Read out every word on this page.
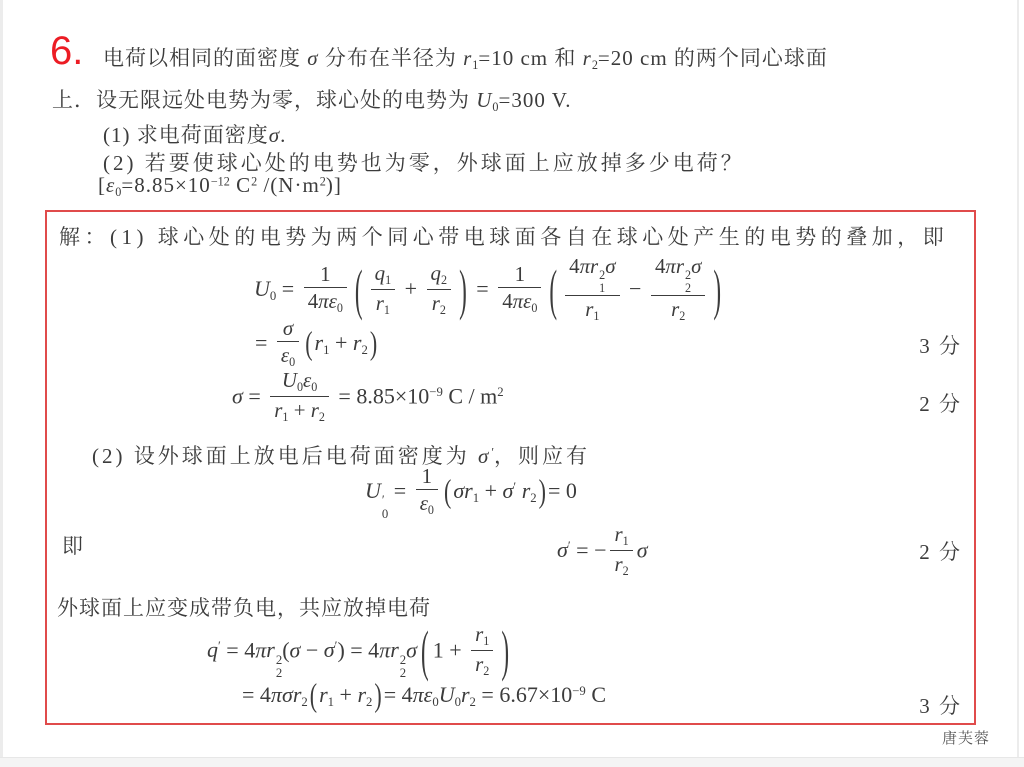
6. 电荷以相同的面密度 σ 分布在半径为 $r_1=10$ cm 和 $r_2=20$ cm 的两个同心球面
上．设无限远处电势为零，球心处的电势为 $U_0=300$ V.
(1) 求电荷面密度σ.
(2) 若要使球心处的电势也为零，外球面上应放掉多少电荷？
[$\varepsilon_0=8.85\times 10^{-12}$ $C^2$ $/(N\cdot m^2)$]
解：(1) 球心处的电势为两个同心带电球面各自在球心处产生的电势的叠加，即
$U_0 = \frac{1}{4\pi\varepsilon_0}$ ( $\frac{q_1}{r_1} + \frac{q_2}{r_2}$ ) = $\frac{1}{4\pi\varepsilon_0}$ ( 4πr 2
1
σ
$r_1 - 4\pi r$ 2
2
σ
$r_2$ )
= $\frac{\sigma}{\varepsilon_0} (r_1 + r_2)$	3 分
$\sigma = \frac{U_0\varepsilon_0}{r_1 + r_2} = 8.85\times 10^{-9}$ C / $m^2$	2 分
(2) 设外球面上放电后电荷面密度为 σ′，则应有
U ′
0
= $\frac{1}{\varepsilon_0} (\sigma r_1 + \sigma'$ $r_2)= 0$
即	σ′ = − $\frac{r_1}{r_2}$ σ	2 分
外球面上应变成带负电，共应放掉电荷
q′ = 4πr 2
2
(σ − σ′) = 4πr 2
2
σ ( $1 + \frac{r_1}{r_2}$ )
= $4\pi\sigma r_2(r_1 + r_2)= 4\pi\varepsilon_0U_0r_2 = 6.67\times 10^{-9}$ C	3 分
唐芙蓉
